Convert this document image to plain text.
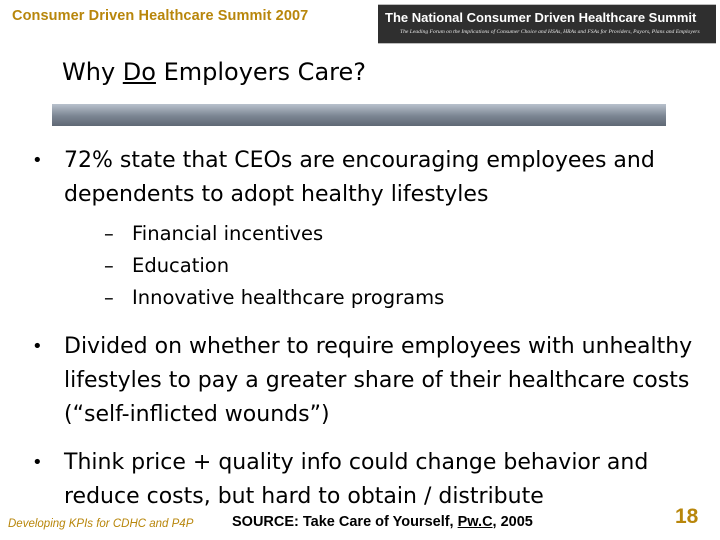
Consumer Driven Healthcare Summit 2007	The National Consumer Driven Healthcare Summit
The Leading Forum on the Implications of Consumer Choice and HSAs, HRAs and FSAs for Providers, Payors, Plans and Employers
Why Do Employers Care?
• 72% state that CEOs are encouraging employees and dependents to adopt healthy lifestyles
– Financial incentives
– Education
– Innovative healthcare programs
• Divided on whether to require employees with unhealthy lifestyles to pay a greater share of their healthcare costs (“self-inflicted wounds”)
• Think price + quality info could change behavior and reduce costs, but hard to obtain / distribute
Developing KPIs for CDHC and P4P	SOURCE: Take Care of Yourself, Pw.C, 2005	18
